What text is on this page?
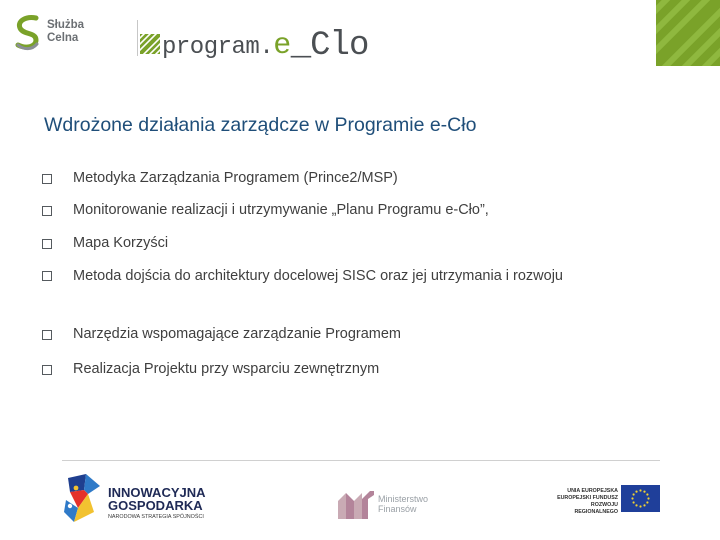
Służba
Celna	program.e_Clo
Wdrożone działania zarządcze w Programie e-Cło
Metodyka Zarządzania Programem (Prince2/MSP)
Monitorowanie realizacji i utrzymywanie „Planu Programu e-Cło”,
Mapa Korzyści
Metoda dojścia do architektury docelowej SISC oraz jej utrzymania i rozwoju
Narzędzia wspomagające zarządzanie Programem
Realizacja Projektu przy wsparciu zewnętrznym
INNOWACYJNA
GOSPODARKA
NARODOWA STRATEGIA SPÓJNOŚCI
Ministerstwo
Finansów
UNIA EUROPEJSKA
EUROPEJSKI FUNDUSZ
ROZWOJU REGIONALNEGO
